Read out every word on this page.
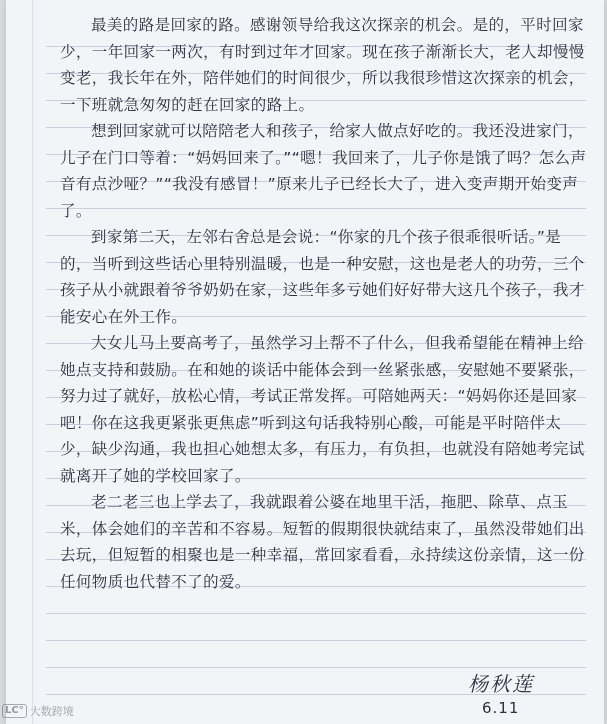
最美的路是回家的路。感谢领导给我这次探亲的机会。是的，平时回家少，一年回家一两次，有时到过年才回家。现在孩子渐渐长大，老人却慢慢变老，我长年在外，陪伴她们的时间很少，所以我很珍惜这次探亲的机会，一下班就急匆匆的赶在回家的路上。

想到回家就可以陪陪老人和孩子，给家人做点好吃的。我还没进家门，儿子在门口等着：“妈妈回来了。”“嗯！我回来了，儿子你是饿了吗？怎么声音有点沙哑？”“我没有感冒！”原来儿子已经长大了，进入变声期开始变声了。

到家第二天，左邻右舍总是会说：“你家的几个孩子很乖很听话。”是的，当听到这些话心里特别温暖，也是一种安慰，这也是老人的功劳，三个孩子从小就跟着爷爷奶奶在家，这些年多亏她们好好带大这几个孩子，我才能安心在外工作。

大女儿马上要高考了，虽然学习上帮不了什么，但我希望能在精神上给她点支持和鼓励。在和她的谈话中能体会到一丝紧张感，安慰她不要紧张，努力过了就好，放松心情，考试正常发挥。可陪她两天：“妈妈你还是回家吧！你在这我更紧张更焦虑”听到这句话我特别心酸，可能是平时陪伴太少，缺少沟通，我也担心她想太多，有压力，有负担，也就没有陪她考完试就离开了她的学校回家了。

老二老三也上学去了，我就跟着公婆在地里干活，拖肥、除草、点玉米，体会她们的辛苦和不容易。短暂的假期很快就结束了，虽然没带她们出去玩，但短暂的相聚也是一种幸福，常回家看看，永持续这份亲情，这一份任何物质也代替不了的爱。

杨秋莲
6.11
LC° 大数跨境
